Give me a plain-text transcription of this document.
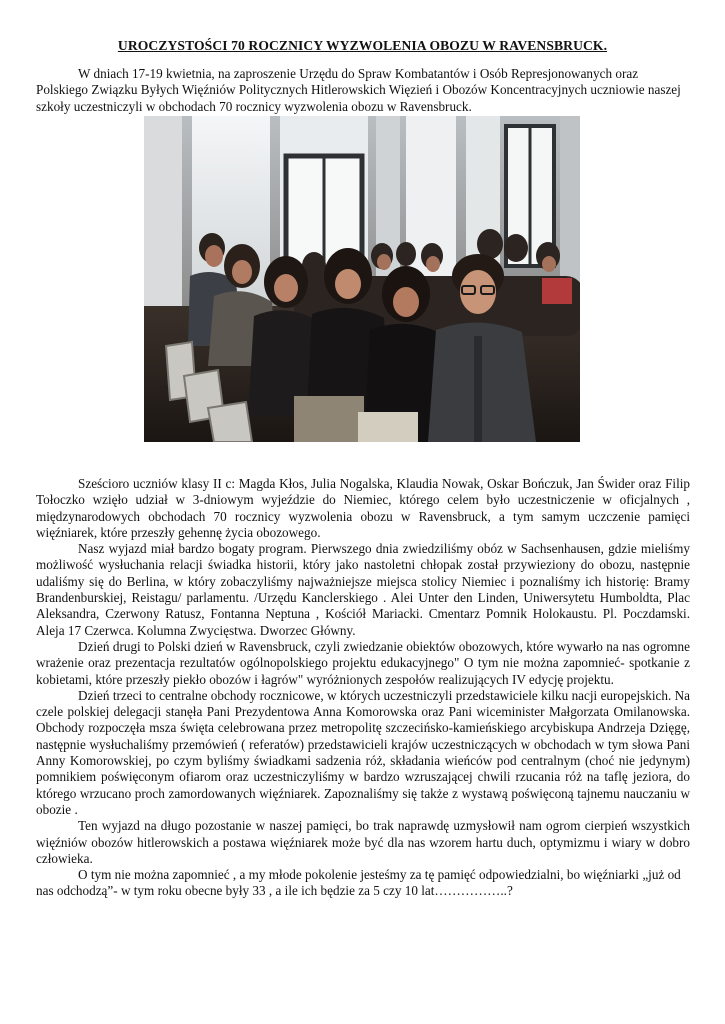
UROCZYSTOŚCI 70 ROCZNICY WYZWOLENIA OBOZU W RAVENSBRUCK.

W dniach 17-19 kwietnia, na zaproszenie Urzędu do Spraw Kombatantów i Osób Represjonowanych oraz Polskiego Związku Byłych Więźniów Politycznych Hitlerowskich Więzień i Obozów Koncentracyjnych uczniowie naszej szkoły uczestniczyli w obchodach 70 rocznicy wyzwolenia obozu w Ravensbruck.

Sześcioro uczniów klasy II c: Magda Kłos, Julia Nogalska, Klaudia Nowak, Oskar Bończuk, Jan Świder oraz Filip Tołoczko wzięło udział w 3-dniowym wyjeździe do Niemiec, którego celem było uczestniczenie w oficjalnych , międzynarodowych obchodach 70 rocznicy wyzwolenia obozu w Ravensbruck, a tym samym uczczenie pamięci więźniarek, które przeszły gehennę życia obozowego.

Nasz wyjazd miał bardzo bogaty program. Pierwszego dnia zwiedziliśmy obóz w Sachsenhausen, gdzie mieliśmy możliwość wysłuchania relacji świadka historii, który jako nastoletni chłopak został przywieziony do obozu, następnie udaliśmy się do Berlina, w który zobaczyliśmy najważniejsze miejsca stolicy Niemiec i poznaliśmy ich historię: Bramy Brandenburskiej, Reistagu/ parlamentu. /Urzędu Kanclerskiego . Alei Unter den Linden, Uniwersytetu Humboldta, Plac Aleksandra, Czerwony Ratusz, Fontanna Neptuna , Kościół Mariacki. Cmentarz Pomnik Holokaustu. Pl. Poczdamski. Aleja 17 Czerwca. Kolumna Zwycięstwa. Dworzec Główny.

Dzień drugi to Polski dzień w Ravensbruck, czyli zwiedzanie obiektów obozowych, które wywarło na nas ogromne wrażenie oraz prezentacja rezultatów ogólnopolskiego projektu edukacyjnego" O tym nie można zapomnieć- spotkanie z kobietami, które przeszły piekło obozów i łagrów" wyróżnionych zespołów realizujących IV edycję projektu.

Dzień trzeci to centralne obchody rocznicowe, w których uczestniczyli przedstawiciele kilku nacji europejskich. Na czele polskiej delegacji stanęła Pani Prezydentowa Anna Komorowska oraz Pani wiceminister Małgorzata Omilanowska. Obchody rozpoczęła msza święta celebrowana przez metropolitę szczecińsko-kamieńskiego arcybiskupa Andrzeja Dzięgę, następnie wysłuchaliśmy przemówień ( referatów) przedstawicieli krajów uczestniczących w obchodach w tym słowa Pani Anny Komorowskiej, po czym byliśmy świadkami sadzenia róż, składania wieńców pod centralnym (choć nie jedynym) pomnikiem poświęconym ofiarom oraz uczestniczyliśmy w bardzo wzruszającej chwili rzucania róż na taflę jeziora, do którego wrzucano proch zamordowanych więźniarek. Zapoznaliśmy się także z wystawą poświęconą tajnemu nauczaniu w obozie .

Ten wyjazd na długo pozostanie w naszej pamięci, bo trak naprawdę uzmysłowił nam ogrom cierpień wszystkich więźniów obozów hitlerowskich a postawa więźniarek może być dla nas wzorem hartu duch, optymizmu i wiary w dobro człowieka.

O tym nie można zapomnieć , a my młode pokolenie jesteśmy za tę pamięć odpowiedzialni, bo więźniarki „już od nas odchodzą”- w tym roku obecne były 33 , a ile ich będzie za 5 czy 10 lat……………..?
